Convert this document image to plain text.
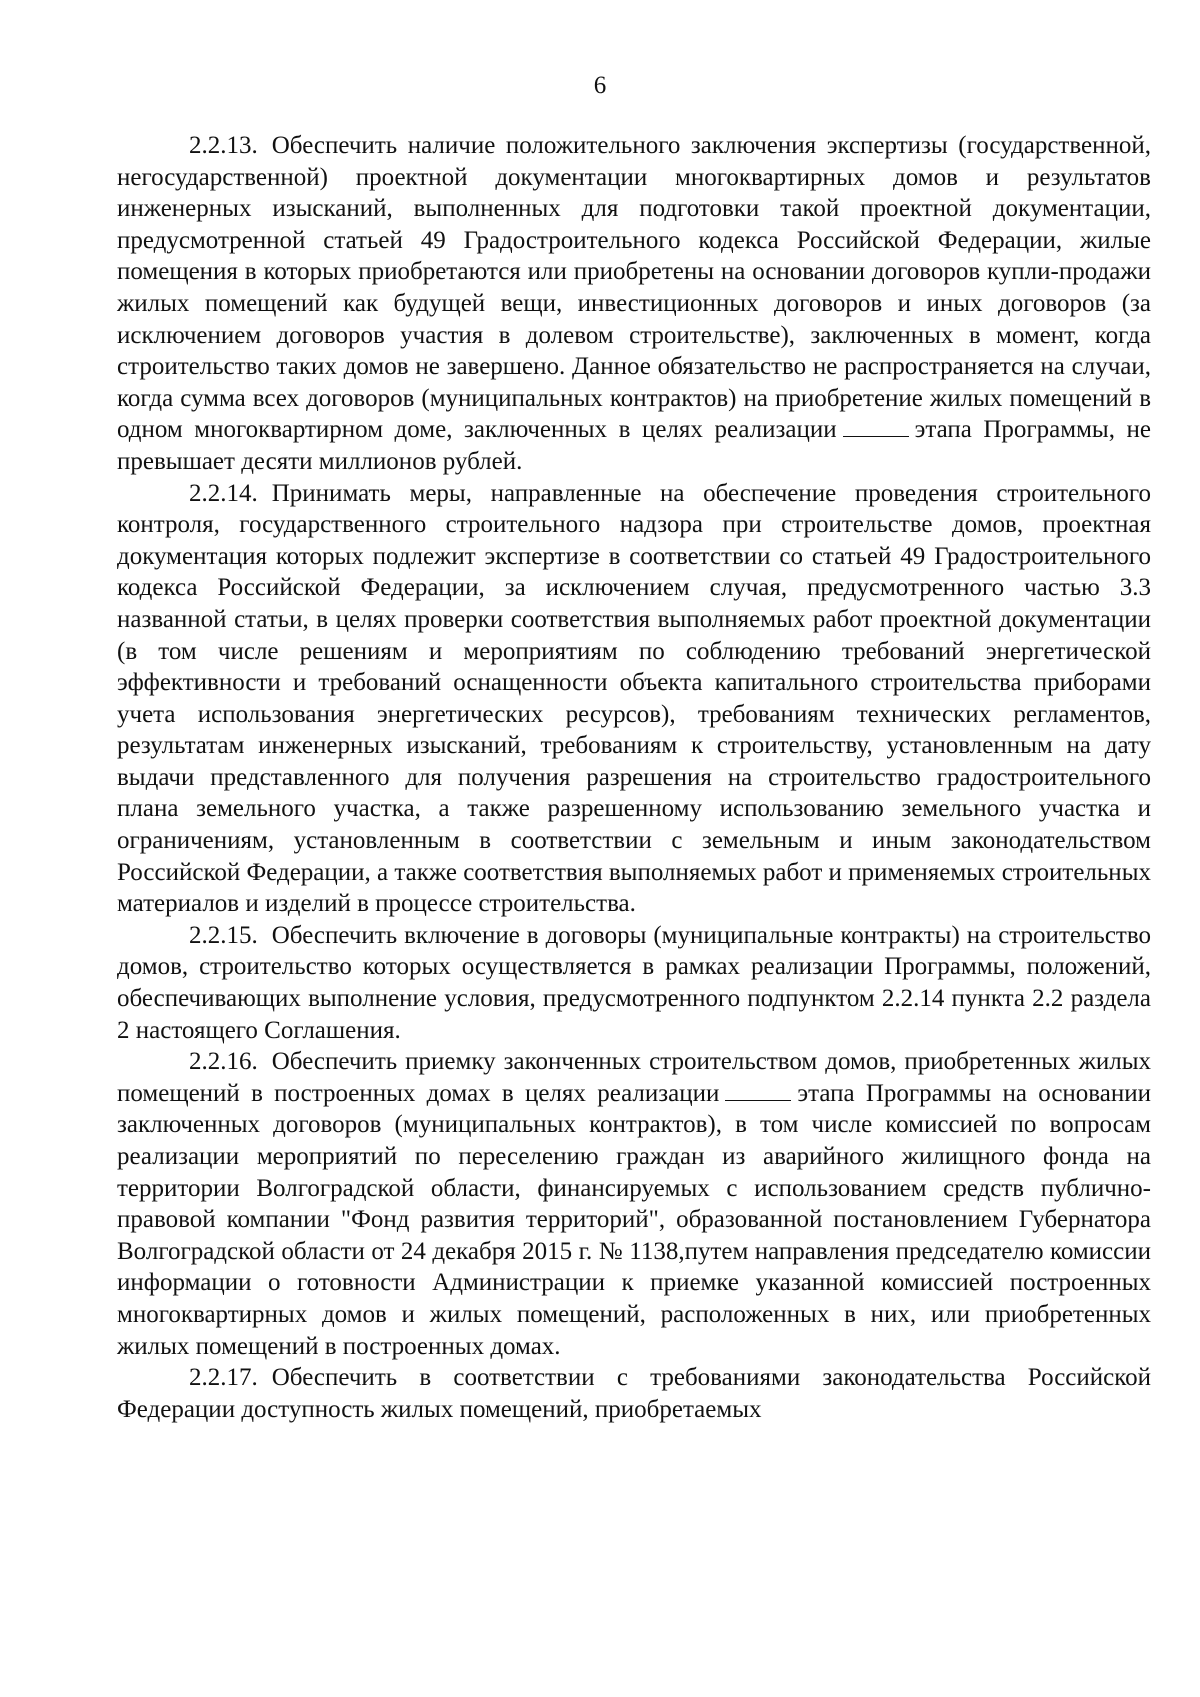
6

2.2.13. Обеспечить наличие положительного заключения экспертизы (государственной, негосударственной) проектной документации многоквартирных домов и результатов инженерных изысканий, выполненных для подготовки такой проектной документации, предусмотренной статьей 49 Градостроительного кодекса Российской Федерации, жилые помещения в которых приобретаются или приобретены на основании договоров купли-продажи жилых помещений как будущей вещи, инвестиционных договоров и иных договоров (за исключением договоров участия в долевом строительстве), заключенных в момент, когда строительство таких домов не завершено. Данное обязательство не распространяется на случаи, когда сумма всех договоров (муниципальных контрактов) на приобретение жилых помещений в одном многоквартирном доме, заключенных в целях реализации	этапа Программы, не превышает десяти миллионов рублей.

2.2.14. Принимать меры, направленные на обеспечение проведения строительного контроля, государственного строительного надзора при строительстве домов, проектная документация которых подлежит экспертизе в соответствии со статьей 49 Градостроительного кодекса Российской Федерации, за исключением случая, предусмотренного частью 3.3 названной статьи, в целях проверки соответствия выполняемых работ проектной документации (в том числе решениям и мероприятиям по соблюдению требований энергетической эффективности и требований оснащенности объекта капитального строительства приборами учета использования энергетических ресурсов), требованиям технических регламентов, результатам инженерных изысканий, требованиям к строительству, установленным на дату выдачи представленного для получения разрешения на строительство градостроительного плана земельного участка, а также разрешенному использованию земельного участка и ограничениям, установленным в соответствии с земельным и иным законодательством Российской Федерации, а также соответствия выполняемых работ и применяемых строительных материалов и изделий в процессе строительства.

2.2.15. Обеспечить включение в договоры (муниципальные контракты) на строительство домов, строительство которых осуществляется в рамках реализации Программы, положений, обеспечивающих выполнение условия, предусмотренного подпунктом 2.2.14 пункта 2.2 раздела 2 настоящего Соглашения.

2.2.16. Обеспечить приемку законченных строительством домов, приобретенных жилых помещений в построенных домах в целях реализации	этапа Программы на основании заключенных договоров (муниципальных контрактов), в том числе комиссией по вопросам реализации мероприятий по переселению граждан из аварийного жилищного фонда на территории Волгоградской области, финансируемых с использованием средств публично-правовой компании "Фонд развития территорий", образованной постановлением Губернатора Волгоградской области от 24 декабря 2015 г. № 1138,путем направления председателю комиссии информации о готовности Администрации к приемке указанной комиссией построенных многоквартирных домов и жилых помещений, расположенных в них, или приобретенных жилых помещений в построенных домах.

2.2.17. Обеспечить в соответствии с требованиями законодательства Российской Федерации доступность жилых помещений, приобретаемых
